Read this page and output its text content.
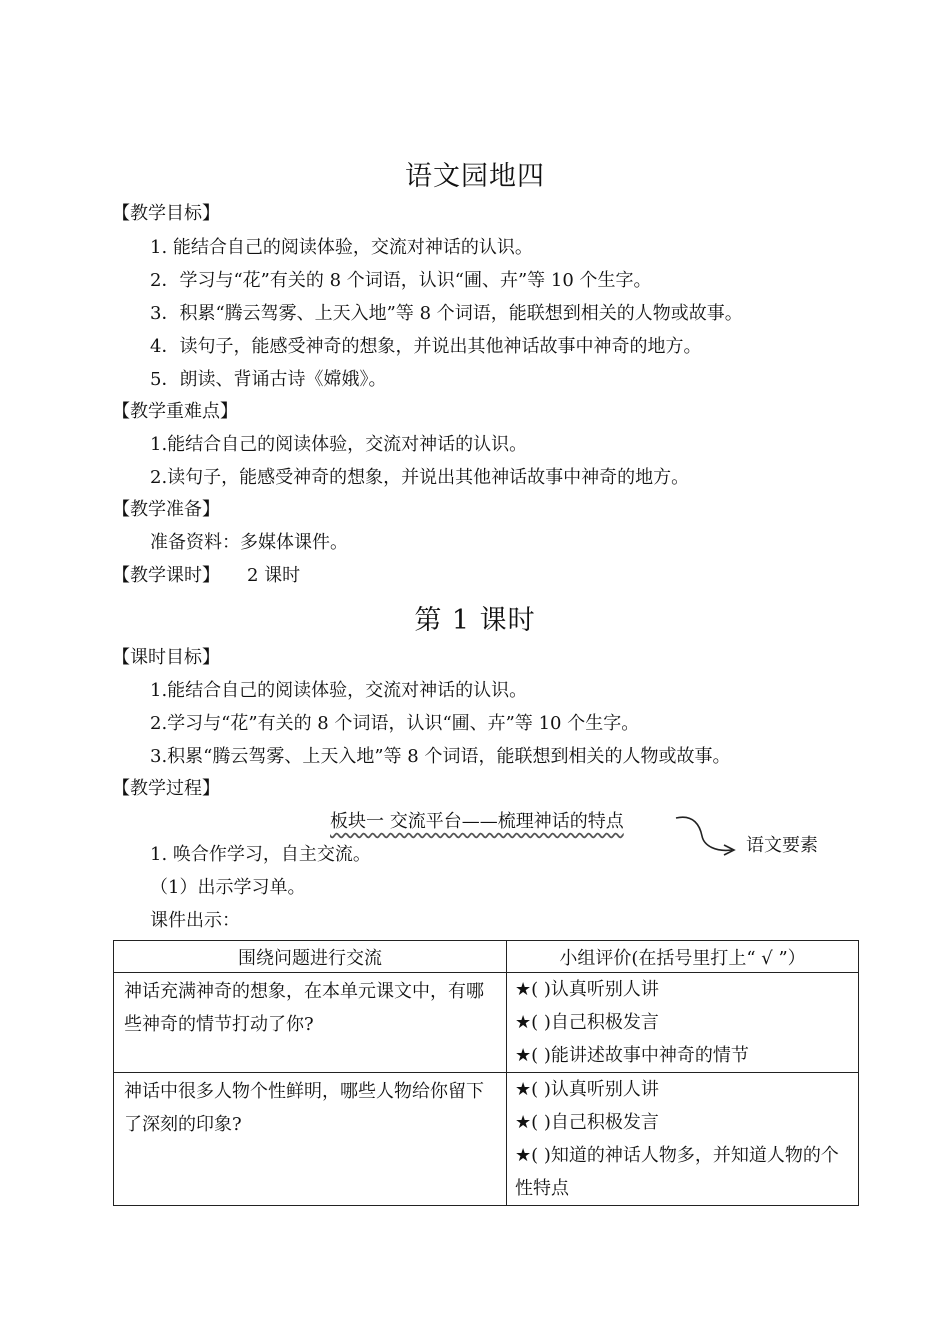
语文园地四
【教学目标】
1. 能结合自己的阅读体验，交流对神话的认识。
2．学习与“花”有关的 8 个词语，认识“圃、卉”等 10 个生字。
3．积累“腾云驾雾、上天入地”等 8 个词语，能联想到相关的人物或故事。
4．读句子，能感受神奇的想象，并说出其他神话故事中神奇的地方。
5．朗读、背诵古诗《嫦娥》。
【教学重难点】
1.能结合自己的阅读体验，交流对神话的认识。
2.读句子，能感受神奇的想象，并说出其他神话故事中神奇的地方。
【教学准备】
准备资料：多媒体课件。
【教学课时】 2 课时
第 1 课时
【课时目标】
1.能结合自己的阅读体验，交流对神话的认识。
2.学习与“花”有关的 8 个词语，认识“圃、卉”等 10 个生字。
3.积累“腾云驾雾、上天入地”等 8 个词语，能联想到相关的人物或故事。
【教学过程】
板块一 交流平台——梳理神话的特点
语文要素
1. 唤合作学习，自主交流。
（1）出示学习单。
课件出示：
围绕问题进行交流	小组评价(在括号里打上“ √ ”）
神话充满神奇的想象，在本单元课文中，有哪些神奇的情节打动了你?	★( )认真听别人讲
★( )自己积极发言
★( )能讲述故事中神奇的情节

神话中很多人物个性鲜明，哪些人物给你留下了深刻的印象?	★( )认真听别人讲
★( )自己积极发言
★( )知道的神话人物多，并知道人物的个性特点
